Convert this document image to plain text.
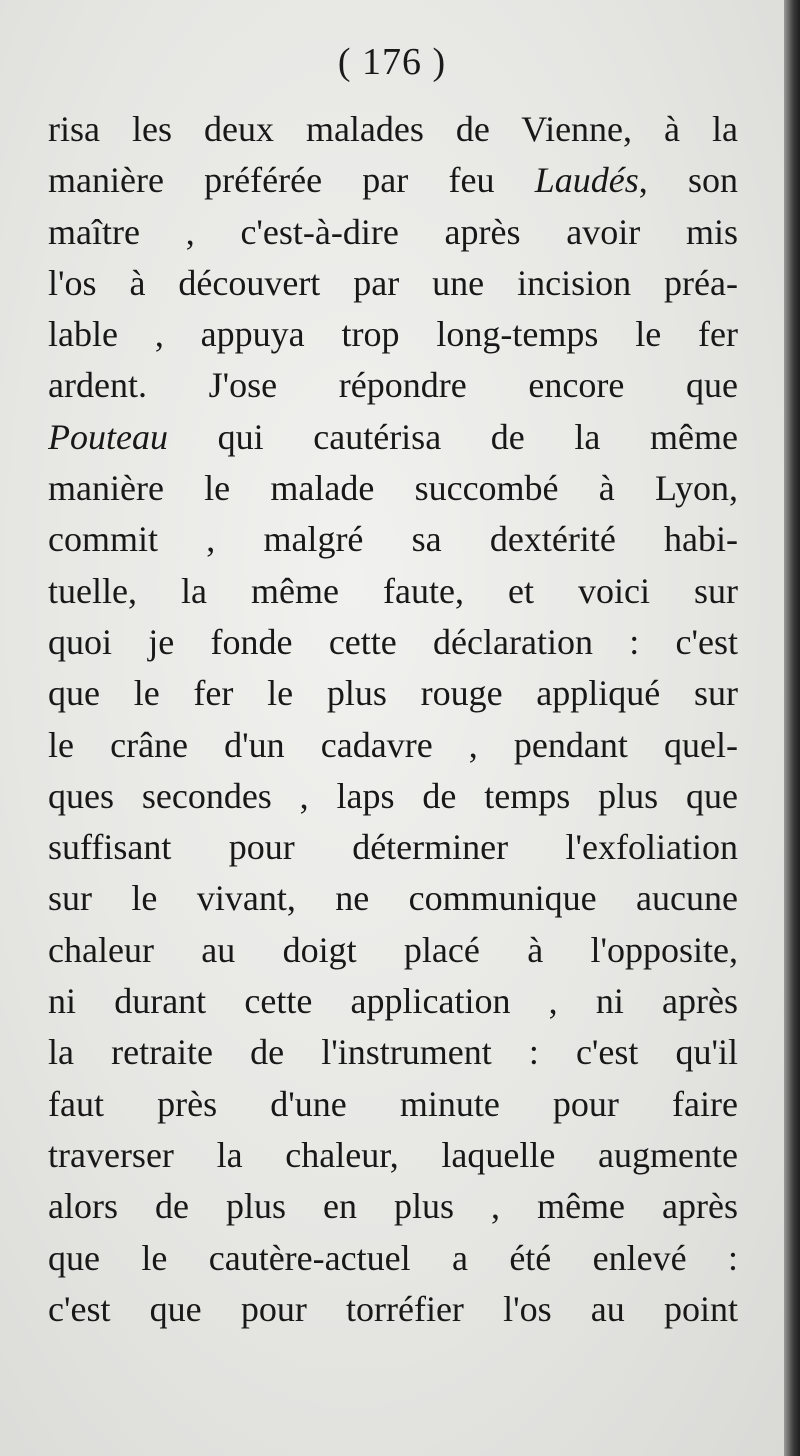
( 176 )
risa les deux malades de Vienne, à la
manière préférée par feu Laudés, son
maître , c'est-à-dire après avoir mis
l'os à découvert par une incision préa-
lable , appuya trop long-temps le fer
ardent. J'ose répondre encore que
Pouteau qui cautérisa de la même
manière le malade succombé à Lyon,
commit , malgré sa dextérité habi-
tuelle, la même faute, et voici sur
quoi je fonde cette déclaration : c'est
que le fer le plus rouge appliqué sur
le crâne d'un cadavre , pendant quel-
ques secondes , laps de temps plus que
suffisant pour déterminer l'exfoliation
sur le vivant, ne communique aucune
chaleur au doigt placé à l'opposite,
ni durant cette application , ni après
la retraite de l'instrument : c'est qu'il
faut près d'une minute pour faire
traverser la chaleur, laquelle augmente
alors de plus en plus , même après
que le cautère-actuel a été enlevé :
c'est que pour torréfier l'os au point
